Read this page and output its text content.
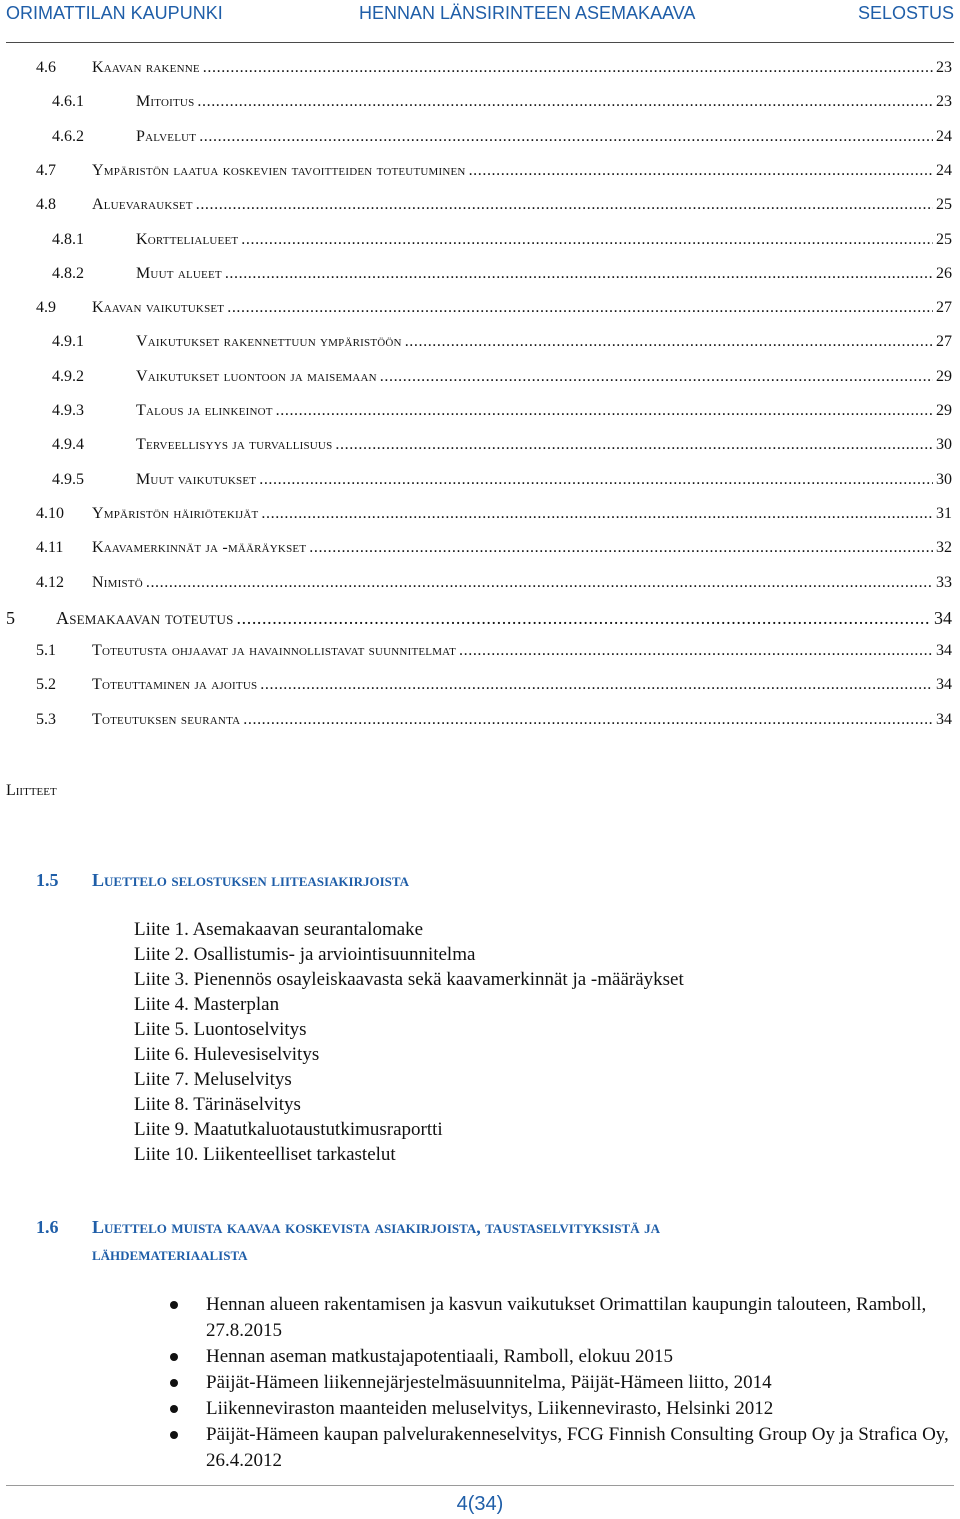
ORIMATTILAN KAUPUNKI	HENNAN LÄNSIRINTEEN ASEMAKAAVA	SELOSTUS
4.6 Kaavan rakenne .....	23
4.6.1	Mitoitus .....	23
4.6.2	Palvelut .....	24
4.7 Ympäristön laatua koskevien tavoitteiden toteutuminen .....	24
4.8 Aluevaraukset .....	25
4.8.1	Korttelialueet .....	25
4.8.2	Muut alueet .....	26
4.9 Kaavan vaikutukset .....	27
4.9.1	Vaikutukset rakennettuun ympäristöön .....	27
4.9.2	Vaikutukset luontoon ja maisemaan .....	29
4.9.3	Talous ja elinkeinot .....	29
4.9.4	Terveellisyys ja turvallisuus .....	30
4.9.5	Muut vaikutukset .....	30
4.10 Ympäristön häiriötekijät .....	31
4.11 Kaavamerkinnät ja -määräykset .....	32
4.12 Nimistö .....	33
5 Asemakaavan toteutus .....	34
5.1 Toteutusta ohjaavat ja havainnollistavat suunnitelmat .....	34
5.2 Toteuttaminen ja ajoitus .....	34
5.3 Toteutuksen seuranta .....	34
Liitteet
1.5 Luettelo selostuksen liiteasiakirjoista
Liite 1. Asemakaavan seurantalomake
Liite 2. Osallistumis- ja arviointisuunnitelma
Liite 3. Pienennös osayleiskaavasta sekä kaavamerkinnät ja -määräykset
Liite 4. Masterplan
Liite 5. Luontoselvitys
Liite 6. Hulevesiselvitys
Liite 7. Meluselvitys
Liite 8. Tärinäselvitys
Liite 9. Maatutkaluotaustutkimusraportti
Liite 10. Liikenteelliset tarkastelut
1.6 Luettelo muista kaavaa koskevista asiakirjoista, taustaselvityksistä ja
lähdemateriaalista
Hennan alueen rakentamisen ja kasvun vaikutukset Orimattilan kaupungin talouteen, Ramboll, 27.8.2015
Hennan aseman matkustajapotentiaali, Ramboll, elokuu 2015
Päijät-Hämeen liikennejärjestelmäsuunnitelma, Päijät-Hämeen liitto, 2014
Liikenneviraston maanteiden meluselvitys, Liikennevirasto, Helsinki 2012
Päijät-Hämeen kaupan palvelurakenneselvitys, FCG Finnish Consulting Group Oy ja Strafica Oy, 26.4.2012
4(34)
